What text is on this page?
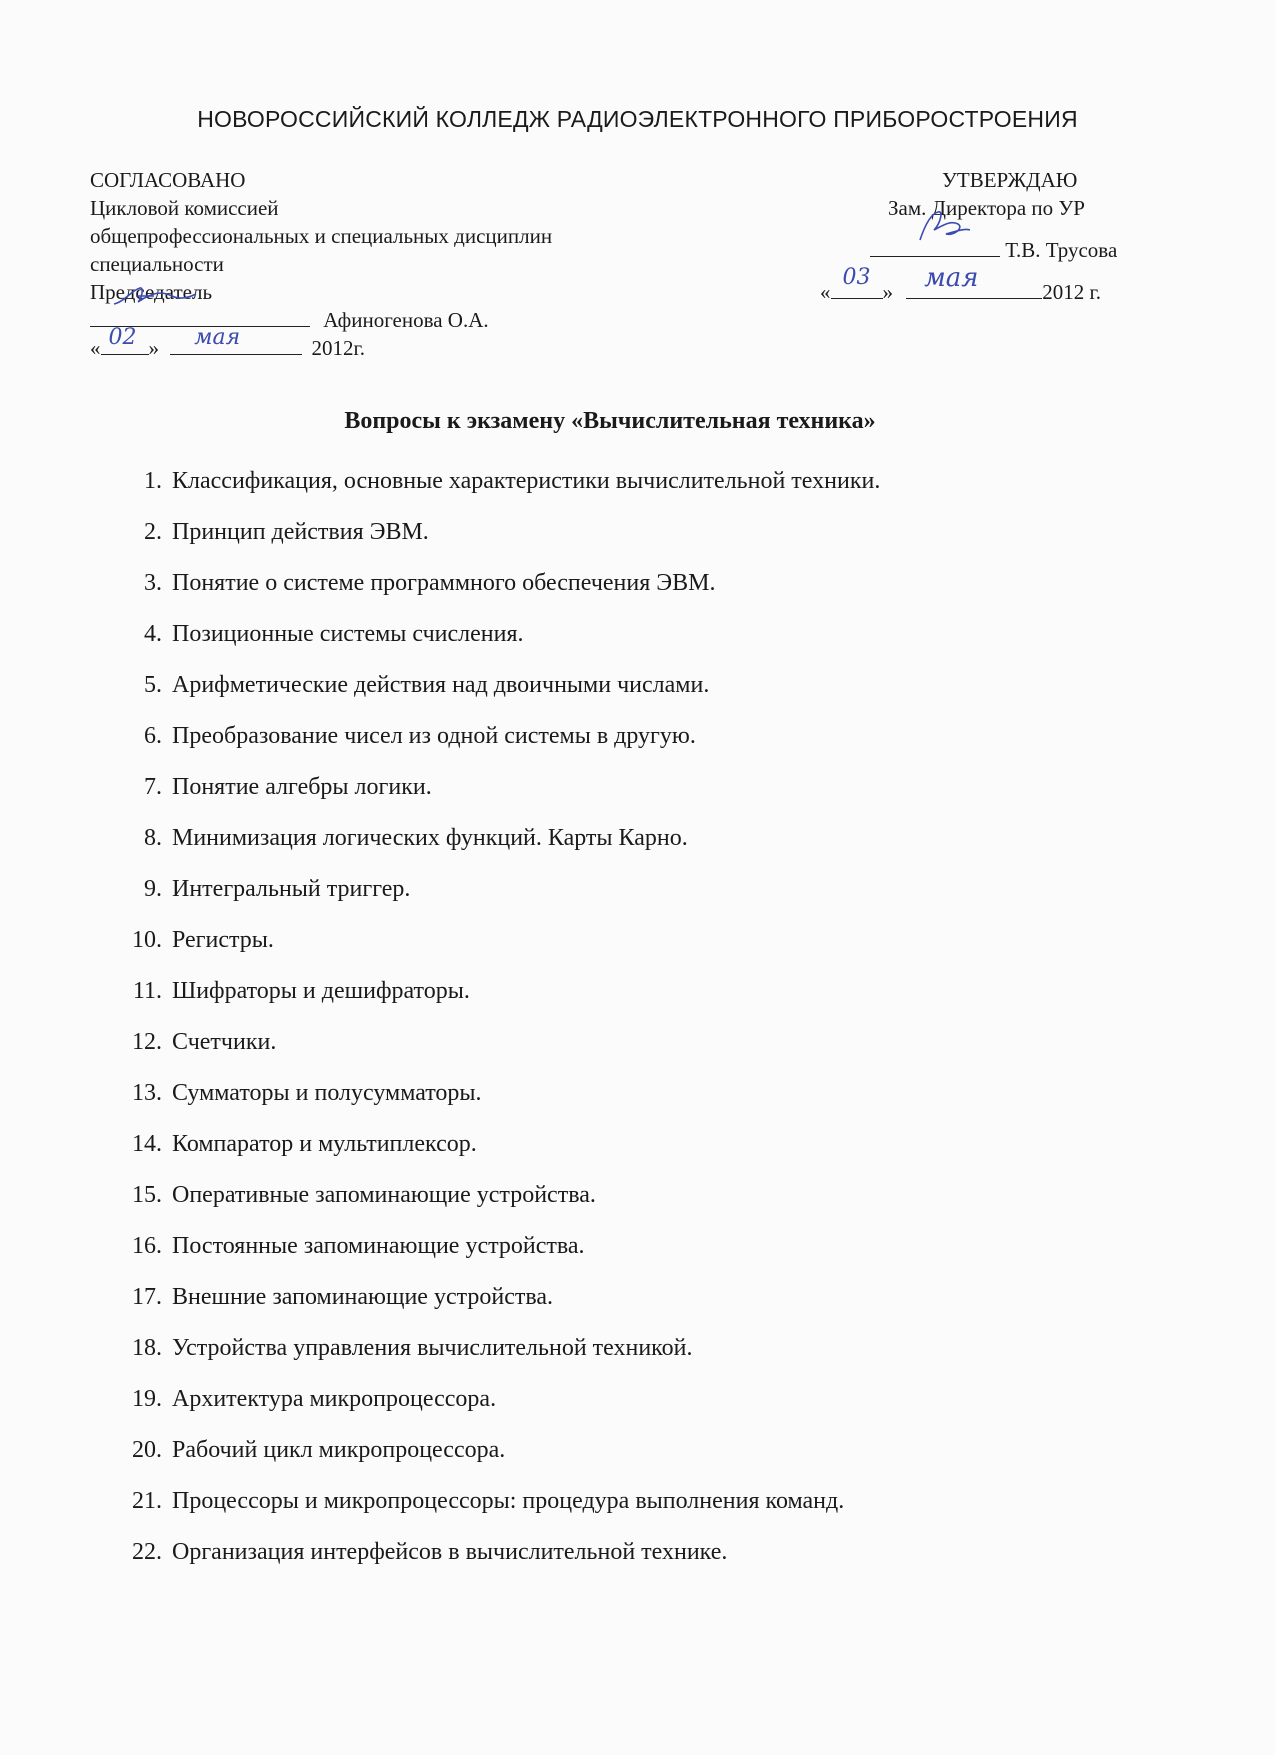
НОВОРОССИЙСКИЙ КОЛЛЕДЖ РАДИОЭЛЕКТРОННОГО ПРИБОРОСТРОЕНИЯ
СОГЛАСОВАНО
Цикловой комиссией
общепрофессиональных и специальных дисциплин
специальности
Председатель
Афиногенова О.А.
« 02 » мая	2012г.
УТВЕРЖДАЮ
Зам. Директора по УР
Т.В. Трусова
«
03
» мая	2012 г.
Вопросы к экзамену «Вычислительная техника»
1. Классификация, основные характеристики вычислительной техники.
2. Принцип действия ЭВМ.
3. Понятие о системе программного обеспечения ЭВМ.
4. Позиционные системы счисления.
5. Арифметические действия над двоичными числами.
6. Преобразование чисел из одной системы в другую.
7. Понятие алгебры логики.
8. Минимизация логических функций. Карты Карно.
9. Интегральный триггер.
10. Регистры.
11. Шифраторы и дешифраторы.
12. Счетчики.
13. Сумматоры и полусумматоры.
14. Компаратор и мультиплексор.
15. Оперативные запоминающие устройства.
16. Постоянные запоминающие устройства.
17. Внешние запоминающие устройства.
18. Устройства управления вычислительной техникой.
19. Архитектура микропроцессора.
20. Рабочий цикл микропроцессора.
21. Процессоры и микропроцессоры: процедура выполнения команд.
22. Организация интерфейсов в вычислительной технике.
